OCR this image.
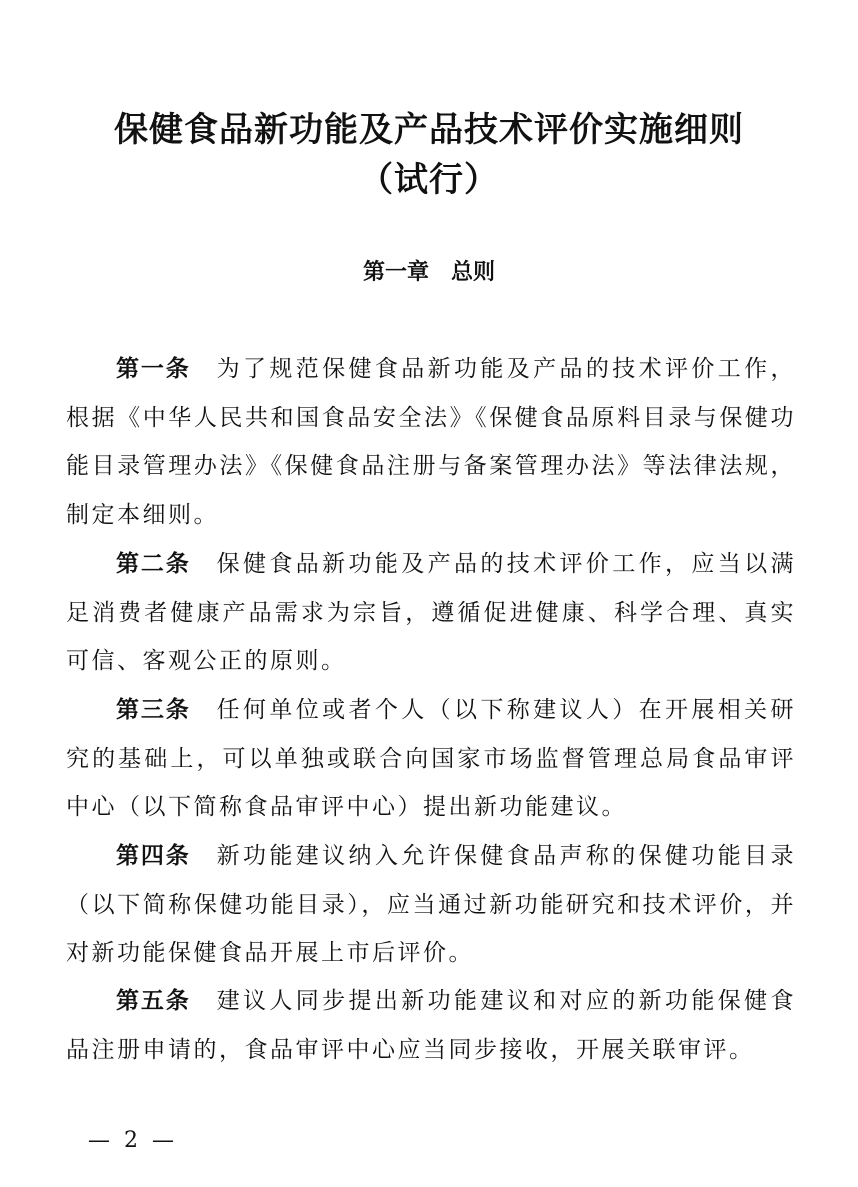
保健食品新功能及产品技术评价实施细则
（试行）
第一章　总则

第一条 为了规范保健食品新功能及产品的技术评价工作，根据《中华人民共和国食品安全法》《保健食品原料目录与保健功能目录管理办法》《保健食品注册与备案管理办法》等法律法规，制定本细则。

第二条 保健食品新功能及产品的技术评价工作，应当以满足消费者健康产品需求为宗旨，遵循促进健康、科学合理、真实可信、客观公正的原则。

第三条 任何单位或者个人（以下称建议人）在开展相关研究的基础上，可以单独或联合向国家市场监督管理总局食品审评中心（以下简称食品审评中心）提出新功能建议。

第四条 新功能建议纳入允许保健食品声称的保健功能目录（以下简称保健功能目录），应当通过新功能研究和技术评价，并对新功能保健食品开展上市后评价。

第五条 建议人同步提出新功能建议和对应的新功能保健食品注册申请的，食品审评中心应当同步接收，开展关联审评。

—  2  —
